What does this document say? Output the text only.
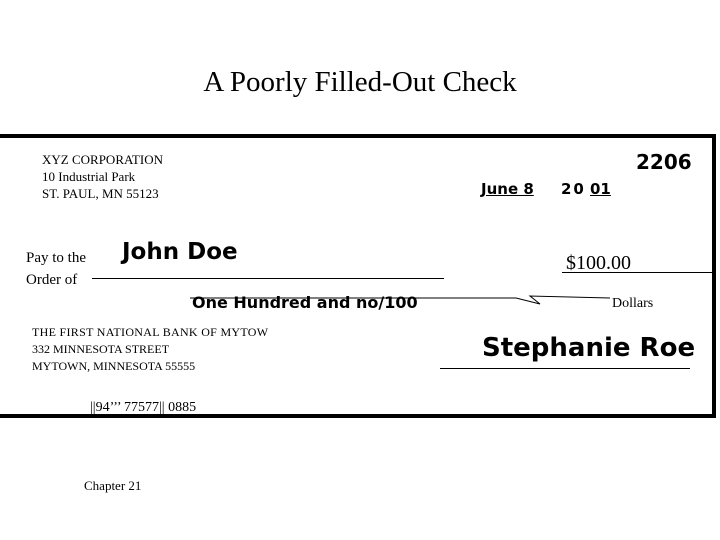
A Poorly Filled-Out Check
XYZ CORPORATION
10 Industrial Park
ST. PAUL, MN 55123
2206
June 8 20 01
Pay to the
Order of
John Doe	$100.00
One Hundred and no/100	Dollars
THE FIRST NATIONAL BANK OF MYTOW
332 MINNESOTA STREET
MYTOWN, MINNESOTA 55555
Stephanie Roe
||94’’’ 77577|| 0885
Chapter 21
